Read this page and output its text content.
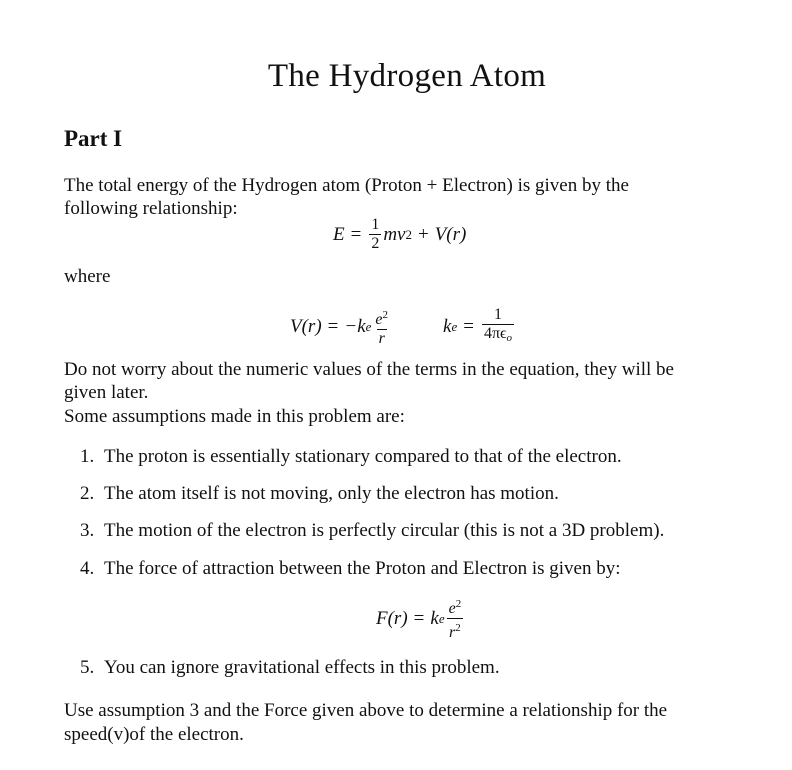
The Hydrogen Atom
Part I
The total energy of the Hydrogen atom (Proton + Electron) is given by the
following relationship:
$E = \frac{1}{2}$ mv 2 + V(r)
where
V(r) = −k e $\frac{e^2}{r}$	k $e = \frac{1}{4\pi\epsilon_o}$
Do not worry about the numeric values of the terms in the equation, they will be
given later.
Some assumptions made in this problem are:
1. The proton is essentially stationary compared to that of the electron.
2. The atom itself is not moving, only the electron has motion.
3. The motion of the electron is perfectly circular (this is not a 3D problem).
4. The force of attraction between the Proton and Electron is given by:
F(r) = k e $\frac{e^2}{r^2}$
5. You can ignore gravitational effects in this problem.
Use assumption 3 and the Force given above to determine a relationship for the
speed(v)of the electron.
